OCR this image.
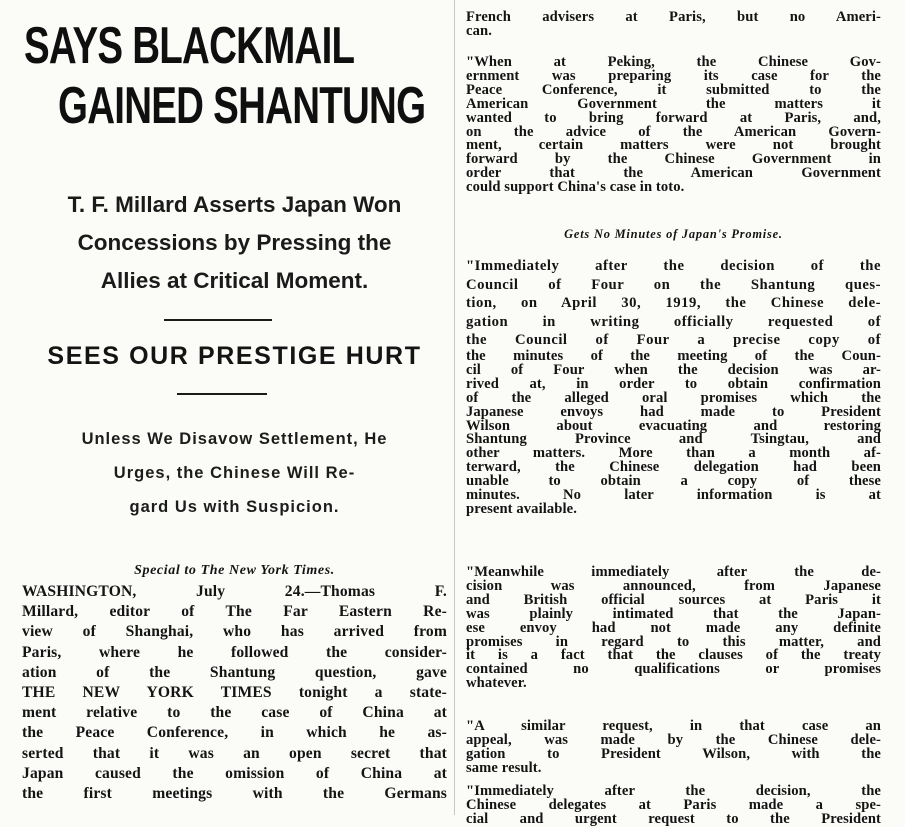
SAYS BLACKMAIL
GAINED SHANTUNG
T. F. Millard Asserts Japan Won
Concessions by Pressing the
Allies at Critical Moment.
SEES OUR PRESTIGE HURT
Unless We Disavow Settlement, He
Urges, the Chinese Will Re-
gard Us with Suspicion.
Special to The New York Times.
WASHINGTON, July 24.—Thomas F.
Millard, editor of The Far Eastern Re-
view of Shanghai, who has arrived from
Paris, where he followed the consider-
ation of the Shantung question, gave
THE NEW YORK TIMES tonight a state-
ment relative to the case of China at
the Peace Conference, in which he as-
serted that it was an open secret that
Japan caused the omission of China at
the first meetings with the Germans
French advisers at Paris, but no Ameri-
can.
"When at Peking, the Chinese Gov-
ernment was preparing its case for the
Peace Conference, it submitted to the
American Government the matters it
wanted to bring forward at Paris, and,
on the advice of the American Govern-
ment, certain matters were not brought
forward by the Chinese Government in
order that the American Government
could support China's case in toto.
Gets No Minutes of Japan's Promise.
"Immediately after the decision of the
Council of Four on the Shantung ques-
tion, on April 30, 1919, the Chinese dele-
gation in writing officially requested of
the Council of Four a precise copy of
the minutes of the meeting of the Coun-
cil of Four when the decision was ar-
rived at, in order to obtain confirmation
of the alleged oral promises which the
Japanese envoys had made to President
Wilson about evacuating and restoring
Shantung Province and Tsingtau, and
other matters. More than a month af-
terward, the Chinese delegation had been
unable to obtain a copy of these
minutes. No later information is at
present available.
"Meanwhile immediately after the de-
cision was announced, from Japanese
and British official sources at Paris it
was plainly intimated that the Japan-
ese envoy had not made any definite
promises in regard to this matter, and
it is a fact that the clauses of the treaty
contained no qualifications or promises
whatever.
"A similar request, in that case an
appeal, was made by the Chinese dele-
gation to President Wilson, with the
same result.
"Immediately after the decision, the
Chinese delegates at Paris made a spe-
cial and urgent request to the President
